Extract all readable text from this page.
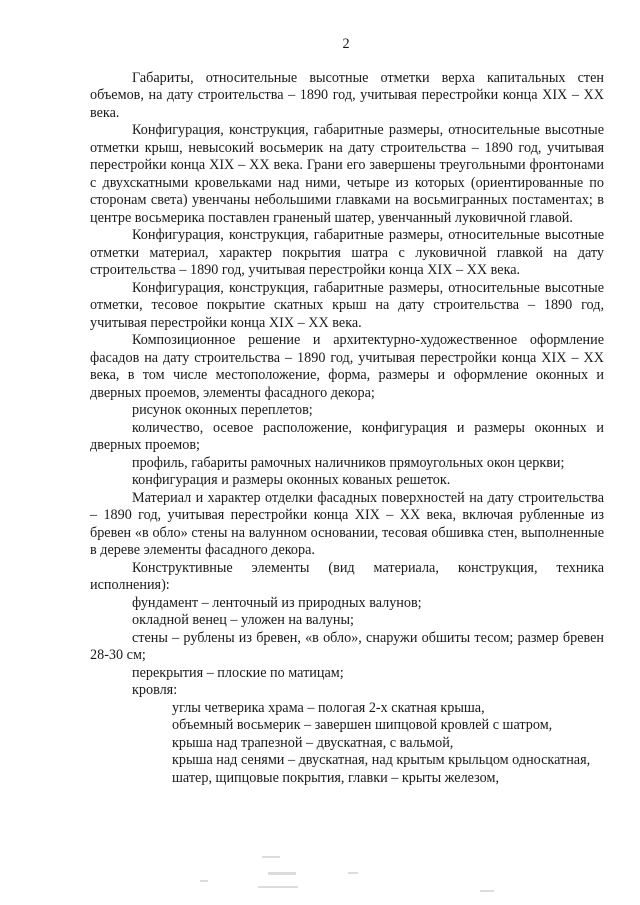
2

Габариты, относительные высотные отметки верха капитальных стен объемов, на дату строительства – 1890 год, учитывая перестройки конца XIX – XX века.

Конфигурация, конструкция, габаритные размеры, относительные высотные отметки крыш, невысокий восьмерик на дату строительства – 1890 год, учитывая перестройки конца XIX – XX века. Грани его завершены треугольными фронтонами с двухскатными кровельками над ними, четыре из которых (ориентированные по сторонам света) увенчаны небольшими главками на восьмигранных постаментах; в центре восьмерика поставлен граненый шатер, увенчанный луковичной главой.

Конфигурация, конструкция, габаритные размеры, относительные высотные отметки материал, характер покрытия шатра с луковичной главкой на дату строительства – 1890 год, учитывая перестройки конца XIX – XX века.

Конфигурация, конструкция, габаритные размеры, относительные высотные отметки, тесовое покрытие скатных крыш на дату строительства – 1890 год, учитывая перестройки конца XIX – XX века.

Композиционное решение и архитектурно-художественное оформление фасадов на дату строительства – 1890 год, учитывая перестройки конца XIX – XX века, в том числе местоположение, форма, размеры и оформление оконных и дверных проемов, элементы фасадного декора;

рисунок оконных переплетов;

количество, осевое расположение, конфигурация и размеры оконных и дверных проемов;

профиль, габариты рамочных наличников прямоугольных окон церкви;

конфигурация и размеры оконных кованых решеток.

Материал и характер отделки фасадных поверхностей на дату строительства – 1890 год, учитывая перестройки конца XIX – XX века, включая рубленные из бревен «в обло» стены на валунном основании, тесовая обшивка стен, выполненные в дереве элементы фасадного декора.

Конструктивные элементы (вид материала, конструкция, техника исполнения):

фундамент – ленточный из природных валунов;

окладной венец – уложен на валуны;

стены – рублены из бревен, «в обло», снаружи обшиты тесом; размер бревен 28-30 см;

перекрытия – плоские по матицам;

кровля:

углы четверика храма – пологая 2-х скатная крыша,

объемный восьмерик – завершен шипцовой кровлей с шатром,

крыша над трапезной – двускатная, с вальмой,

крыша над сенями – двускатная, над крытым крыльцом односкатная,

шатер, щипцовые покрытия, главки – крыты железом,
